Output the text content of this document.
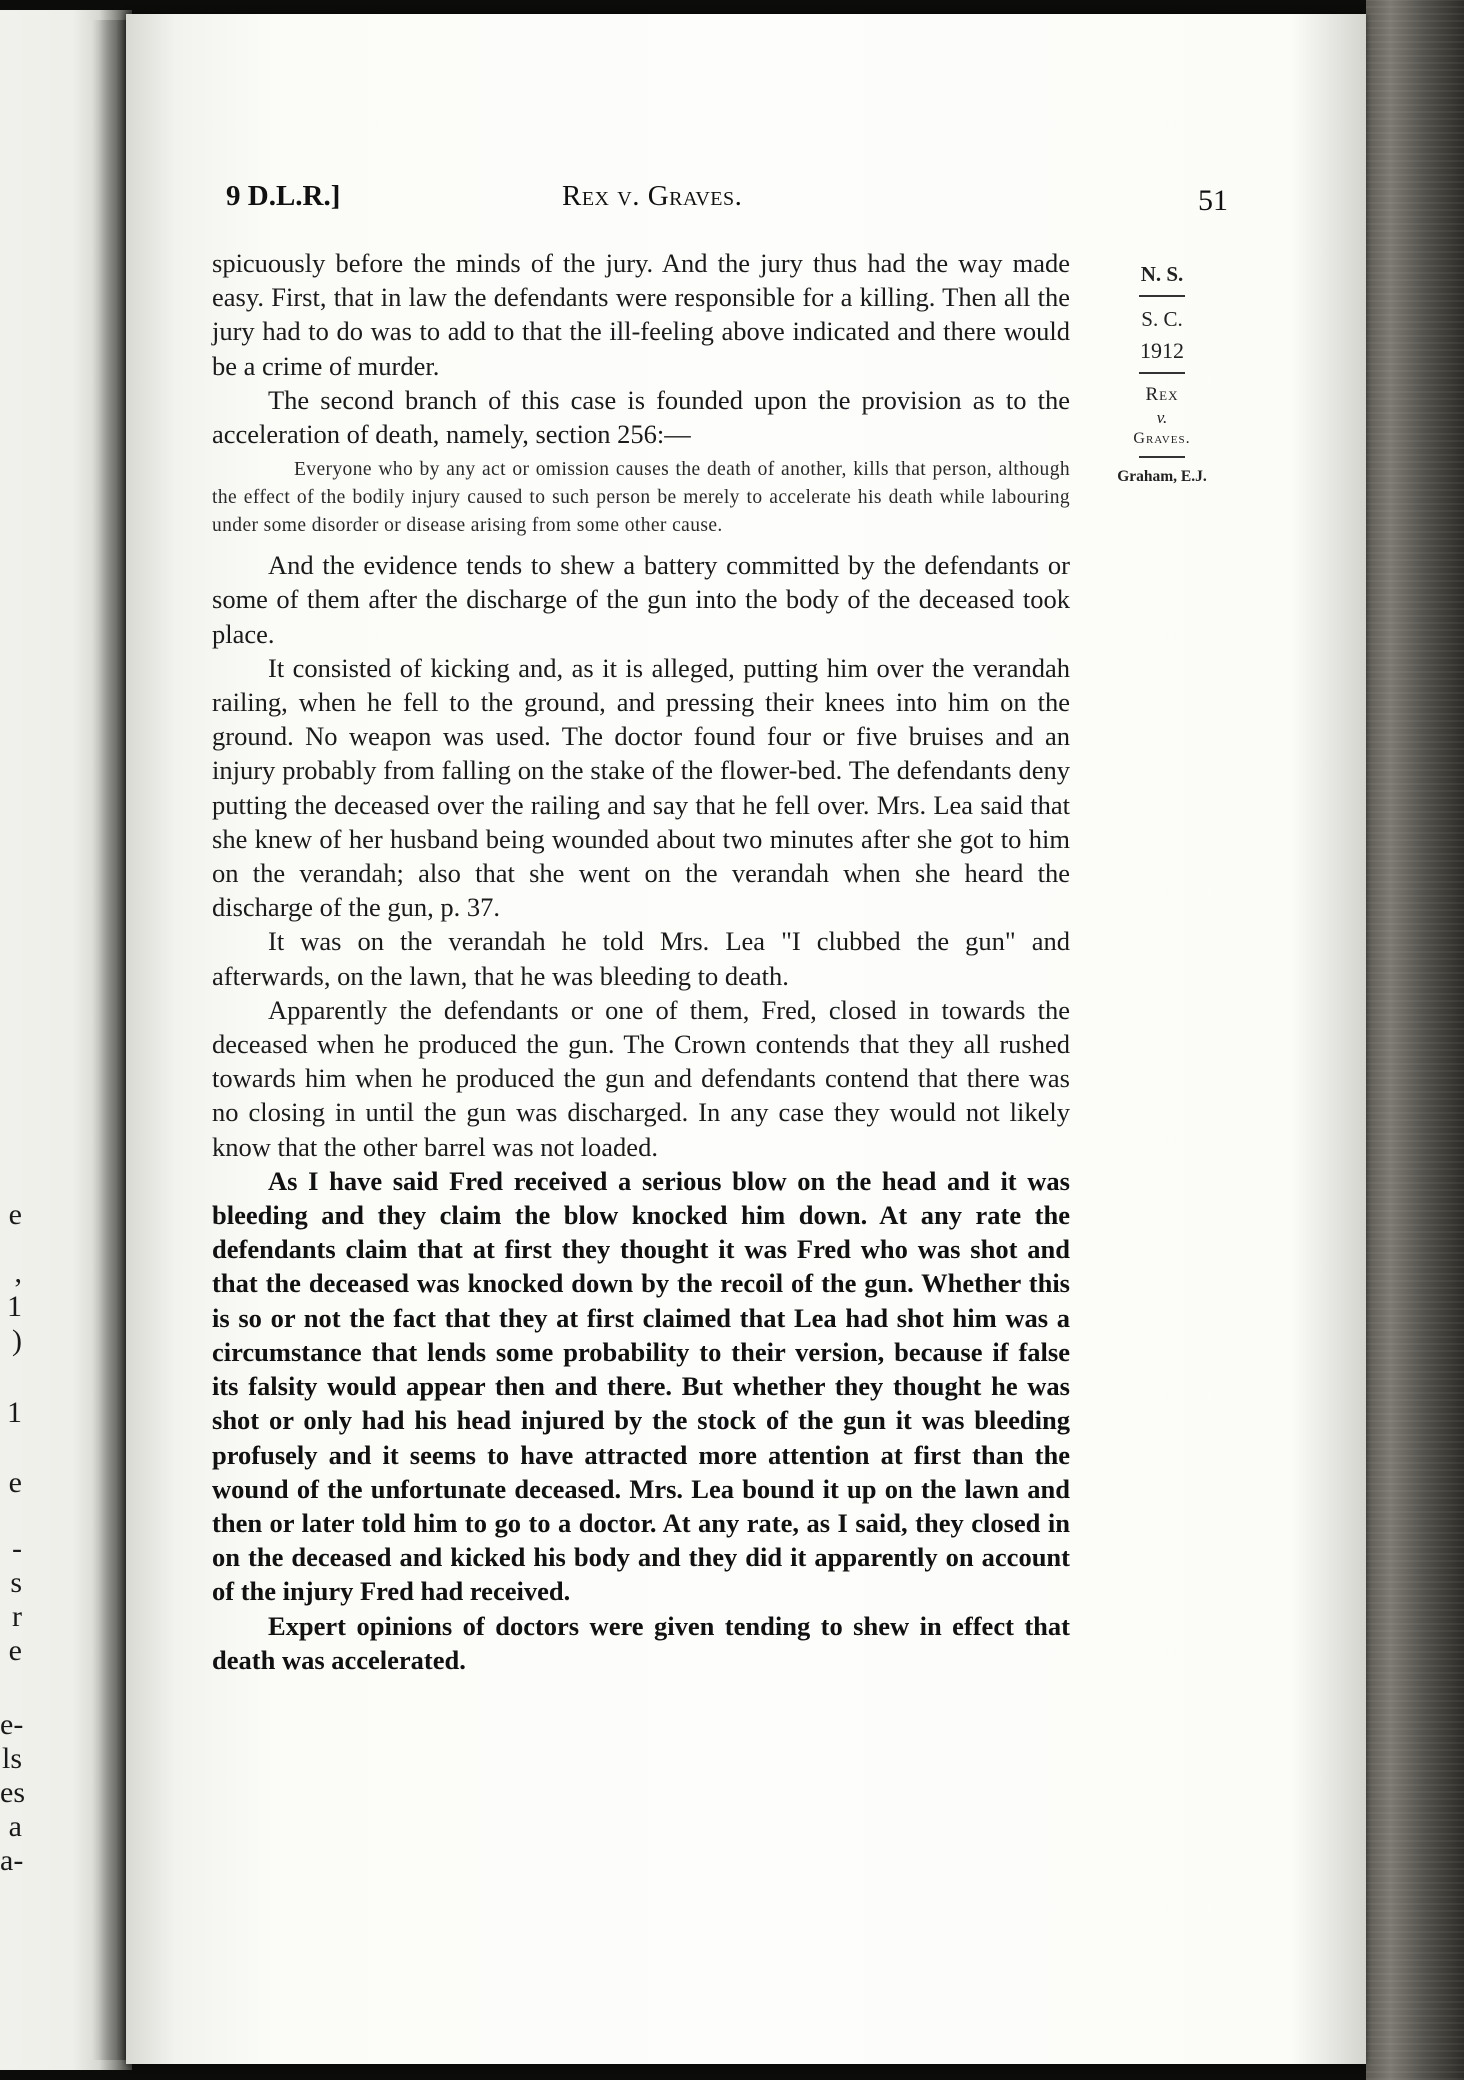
e
,
1
)
1
e
-
s
r
e
e-
ls
es
a
a-
9 D.L.R.]	Rex v. Graves.	51
N. S.
S. C.
1912
Rex
v.
Graves.
Graham, E.J.

spicuously before the minds of the jury. And the jury thus had the way made easy. First, that in law the defendants were responsible for a killing. Then all the jury had to do was to add to that the ill-feeling above indicated and there would be a crime of murder.

The second branch of this case is founded upon the provision as to the acceleration of death, namely, section 256:—

Everyone who by any act or omission causes the death of another, kills that person, although the effect of the bodily injury caused to such person be merely to accelerate his death while labouring under some disorder or disease arising from some other cause.

And the evidence tends to shew a battery committed by the defendants or some of them after the discharge of the gun into the body of the deceased took place.

It consisted of kicking and, as it is alleged, putting him over the verandah railing, when he fell to the ground, and pressing their knees into him on the ground. No weapon was used. The doctor found four or five bruises and an injury probably from falling on the stake of the flower-bed. The defendants deny putting the deceased over the railing and say that he fell over. Mrs. Lea said that she knew of her husband being wounded about two minutes after she got to him on the verandah; also that she went on the verandah when she heard the discharge of the gun, p. 37.

It was on the verandah he told Mrs. Lea "I clubbed the gun" and afterwards, on the lawn, that he was bleeding to death.

Apparently the defendants or one of them, Fred, closed in towards the deceased when he produced the gun. The Crown contends that they all rushed towards him when he produced the gun and defendants contend that there was no closing in until the gun was discharged. In any case they would not likely know that the other barrel was not loaded.

As I have said Fred received a serious blow on the head and it was bleeding and they claim the blow knocked him down. At any rate the defendants claim that at first they thought it was Fred who was shot and that the deceased was knocked down by the recoil of the gun. Whether this is so or not the fact that they at first claimed that Lea had shot him was a circumstance that lends some probability to their version, because if false its falsity would appear then and there. But whether they thought he was shot or only had his head injured by the stock of the gun it was bleeding profusely and it seems to have attracted more attention at first than the wound of the unfortunate deceased. Mrs. Lea bound it up on the lawn and then or later told him to go to a doctor. At any rate, as I said, they closed in on the deceased and kicked his body and they did it apparently on account of the injury Fred had received.

Expert opinions of doctors were given tending to shew in effect that death was accelerated.
